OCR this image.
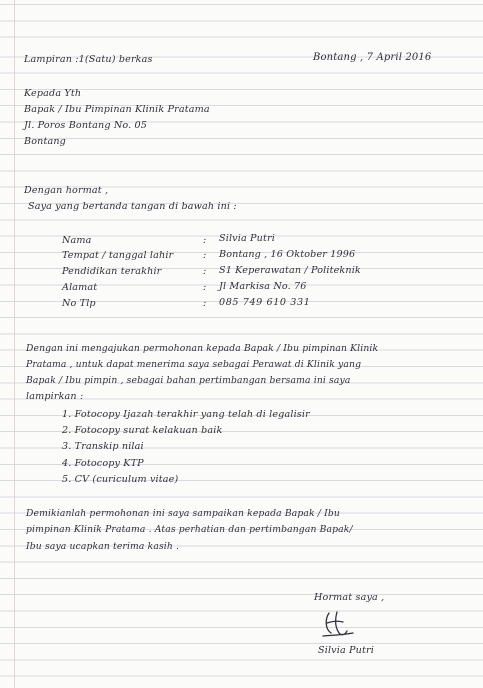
Lampiran :1(Satu) berkas	Bontang , 7 April 2016
Kepada Yth
Bapak / Ibu Pimpinan Klinik Pratama
Jl. Poros Bontang No. 05
Bontang
Dengan hormat ,
Saya yang bertanda tangan di bawah ini :
Nama	: Silvia Putri
Tempat / tanggal lahir	: Bontang , 16 Oktober 1996
Pendidikan terakhir	: S1 Keperawatan / Politeknik
Alamat	: Jl Markisa No. 76
No Tlp	: 085 749 610 331
Dengan ini mengajukan permohonan kepada Bapak / Ibu pimpinan Klinik
Pratama , untuk dapat menerima saya sebagai Perawat di Klinik yang
Bapak / Ibu pimpin , sebagai bahan pertimbangan bersama ini saya
lampirkan :
1. Fotocopy Ijazah terakhir yang telah di legalisir
2. Fotocopy surat kelakuan baik
3. Transkip nilai
4. Fotocopy KTP
5. CV (curiculum vitae)
Demikianlah permohonan ini saya sampaikan kepada Bapak / Ibu
pimpinan Klinik Pratama . Atas perhatian dan pertimbangan Bapak/
Ibu saya ucapkan terima kasih .
Hormat saya ,
Silvia Putri
